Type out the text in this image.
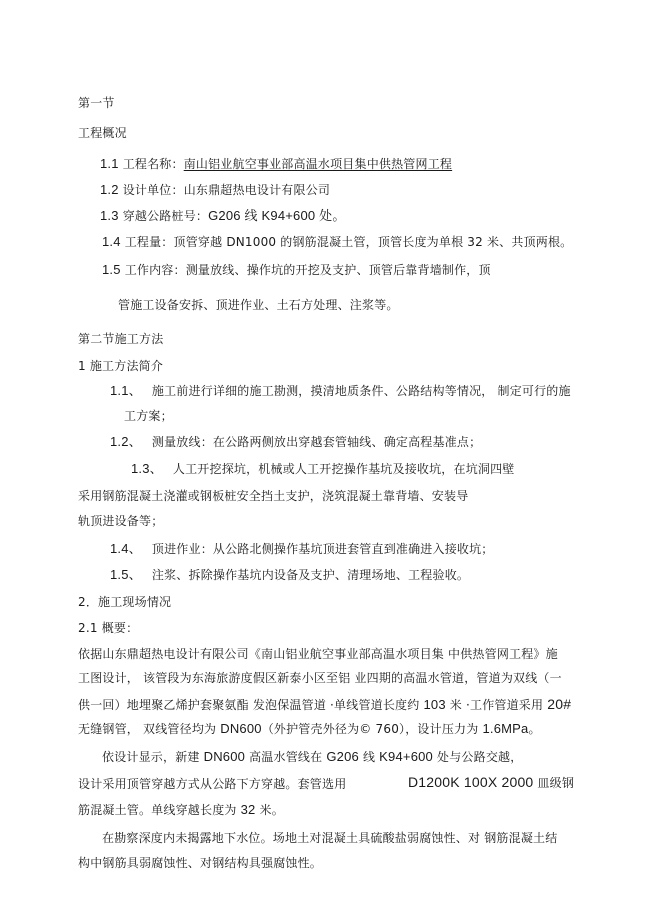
第一节
工程概况
1.1 工程名称：南山铝业航空事业部高温水项目集中供热管网工程
1.2 设计单位：山东鼎超热电设计有限公司
1.3 穿越公路桩号：G206 线 K94+600 处。
1.4 工程量：顶管穿越 DN1000 的钢筋混凝土管，顶管长度为单根 32 米、共顶两根。
1.5 工作内容：测量放线、操作坑的开挖及支护、顶管后靠背墙制作，顶
管施工设备安拆、顶进作业、土石方处理、注浆等。
第二节施工方法
1 施工方法简介
1.1、 施工前进行详细的施工勘测，摸清地质条件、公路结构等情况， 制定可行的施
工方案；
1.2、 测量放线：在公路两侧放出穿越套管轴线、确定高程基准点；
1.3、 人工开挖探坑，机械或人工开挖操作基坑及接收坑，在坑洞四壁
采用钢筋混凝土浇灌或钢板桩安全挡土支护，浇筑混凝土靠背墙、安装导
轨顶进设备等；
1.4、 顶进作业：从公路北侧操作基坑顶进套管直到准确进入接收坑；
1.5、 注浆、拆除操作基坑内设备及支护、清理场地、工程验收。
2．施工现场情况
2.1 概要：
依据山东鼎超热电设计有限公司《南山铝业航空事业部高温水项目集 中供热管网工程》施
工图设计， 该管段为东海旅游度假区新泰小区至铝 业四期的高温水管道，管道为双线（一
供一回）地埋聚乙烯护套聚氨酯 发泡保温管道 ·单线管道长度约 103 米 ·工作管道采用 20#
无缝钢管， 双线管径均为 DN600（外护管壳外径为© 760），设计压力为 1.6MPa。
依设计显示，新建 DN600 高温水管线在 G206 线 K94+600 处与公路交越，
设计采用顶管穿越方式从公路下方穿越。套管选用	D1200K 100X 2000 皿级钢
筋混凝土管。单线穿越长度为 32 米。
在勘察深度内未揭露地下水位。场地土对混凝土具硫酸盐弱腐蚀性、对 钢筋混凝土结
构中钢筋具弱腐蚀性、对钢结构具强腐蚀性。
